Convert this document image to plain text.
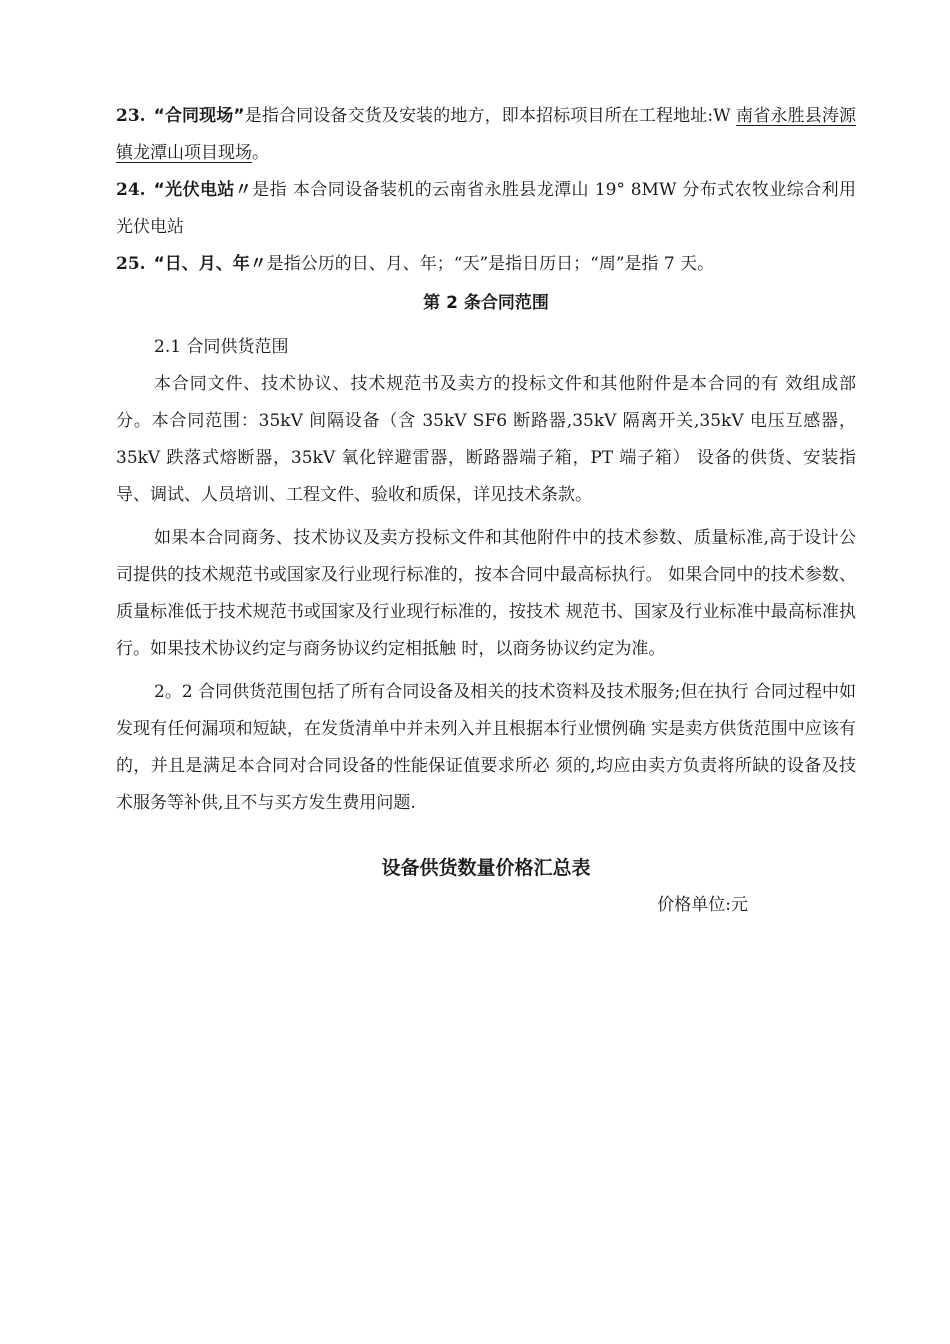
23. “合同现场”是指合同设备交货及安装的地方，即本招标项目所在工程地址:W 南省永胜县涛源镇龙潭山项目现场。

24. “光伏电站〃是指 本合同设备装机的云南省永胜县龙潭山 19° 8MW 分布式农牧业综合利用光伏电站

25. “日、月、年〃是指公历的日、月、年；“天”是指日历日；“周”是指 7 天。

第 2 条合同范围

2.1 合同供货范围

本合同文件、技术协议、技术规范书及卖方的投标文件和其他附件是本合同的有 效组成部分。本合同范围：35kV 间隔设备（含 35kV SF6 断路器,35kV 隔离开关,35kV 电压互感器，35kV 跌落式熔断器，35kV 氧化锌避雷器，断路器端子箱，PT 端子箱） 设备的供货、安装指导、调试、人员培训、工程文件、验收和质保，详见技术条款。

如果本合同商务、技术协议及卖方投标文件和其他附件中的技术参数、质量标准,高于设计公司提供的技术规范书或国家及行业现行标准的，按本合同中最高标执行。 如果合同中的技术参数、质量标准低于技术规范书或国家及行业现行标准的，按技术 规范书、国家及行业标准中最高标准执行。如果技术协议约定与商务协议约定相抵触 时，以商务协议约定为准。

2。2 合同供货范围包括了所有合同设备及相关的技术资料及技术服务;但在执行 合同过程中如发现有任何漏项和短缺，在发货清单中并未列入并且根据本行业惯例确 实是卖方供货范围中应该有的，并且是满足本合同对合同设备的性能保证值要求所必 须的,均应由卖方负责将所缺的设备及技术服务等补供,且不与买方发生费用问题.

设备供货数量价格汇总表

价格单位:元
